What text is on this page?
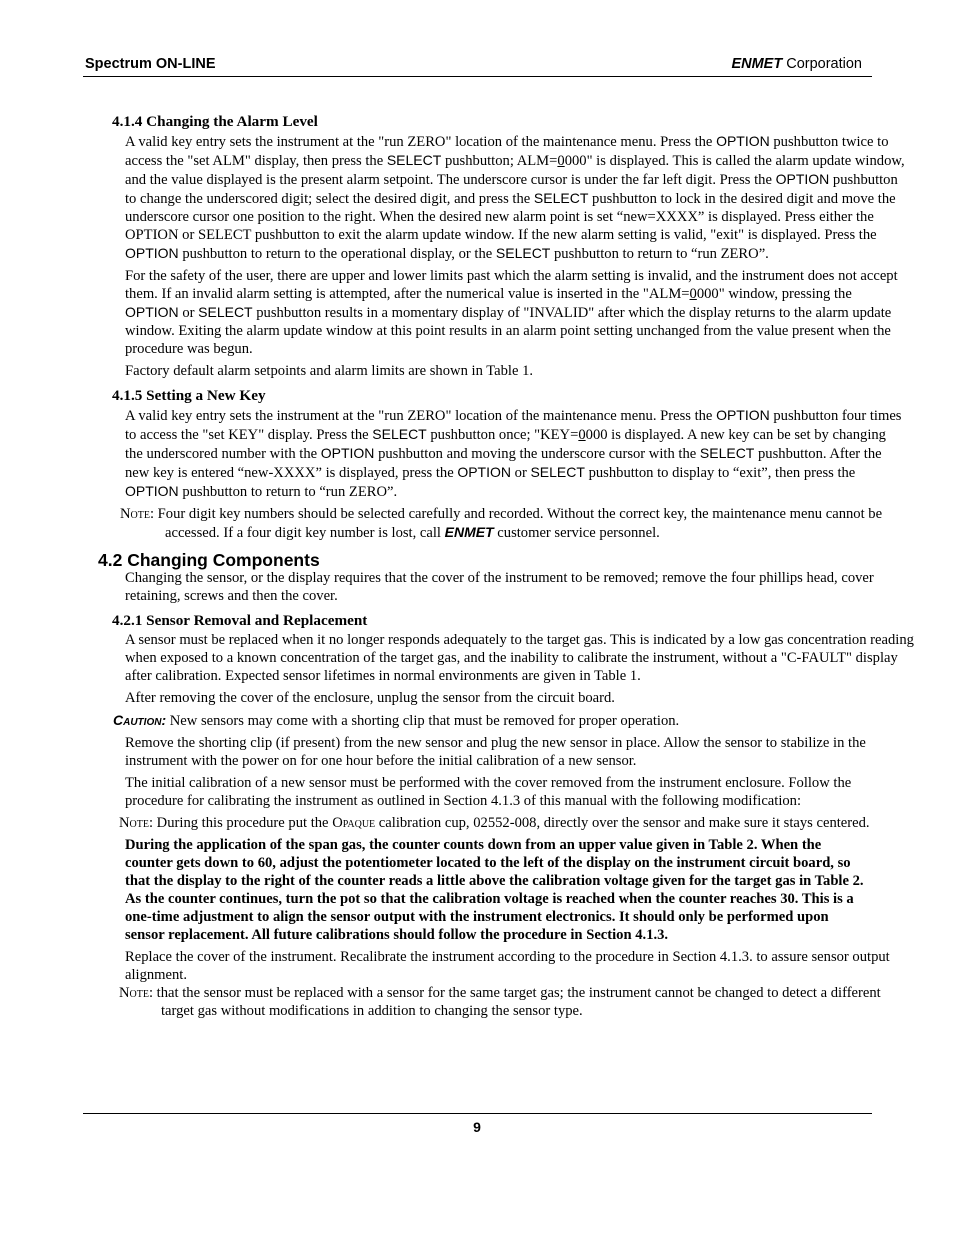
Spectrum ON-LINE	ENMET Corporation
4.1.4 Changing the Alarm Level
A valid key entry sets the instrument at the "run ZERO" location of the maintenance menu. Press the OPTION pushbutton twice to access the "set ALM" display, then press the SELECT pushbutton; ALM=0000" is displayed. This is called the alarm update window, and the value displayed is the present alarm setpoint. The underscore cursor is under the far left digit. Press the OPTION pushbutton to change the underscored digit; select the desired digit, and press the SELECT pushbutton to lock in the desired digit and move the underscore cursor one position to the right. When the desired new alarm point is set “new=XXXX” is displayed. Press either the OPTION or SELECT pushbutton to exit the alarm update window. If the new alarm setting is valid, "exit" is displayed. Press the OPTION pushbutton to return to the operational display, or the SELECT pushbutton to return to “run ZERO”.
For the safety of the user, there are upper and lower limits past which the alarm setting is invalid, and the instrument does not accept them. If an invalid alarm setting is attempted, after the numerical value is inserted in the "ALM=0000" window, pressing the OPTION or SELECT pushbutton results in a momentary display of "INVALID" after which the display returns to the alarm update window. Exiting the alarm update window at this point results in an alarm point setting unchanged from the value present when the procedure was begun.
Factory default alarm setpoints and alarm limits are shown in Table 1.
4.1.5 Setting a New Key
A valid key entry sets the instrument at the "run ZERO" location of the maintenance menu. Press the OPTION pushbutton four times to access the "set KEY" display. Press the SELECT pushbutton once; "KEY=0000 is displayed. A new key can be set by changing the underscored number with the OPTION pushbutton and moving the underscore cursor with the SELECT pushbutton. After the new key is entered “new-XXXX” is displayed, press the OPTION or SELECT pushbutton to display to “exit”, then press the OPTION pushbutton to return to “run ZERO”.
Note: Four digit key numbers should be selected carefully and recorded. Without the correct key, the maintenance menu cannot be accessed. If a four digit key number is lost, call ENMET customer service personnel.
4.2 Changing Components
Changing the sensor, or the display requires that the cover of the instrument to be removed; remove the four phillips head, cover retaining, screws and then the cover.
4.2.1 Sensor Removal and Replacement
A sensor must be replaced when it no longer responds adequately to the target gas. This is indicated by a low gas concentration reading when exposed to a known concentration of the target gas, and the inability to calibrate the instrument, without a "C-FAULT" display after calibration. Expected sensor lifetimes in normal environments are given in Table 1.
After removing the cover of the enclosure, unplug the sensor from the circuit board.
Caution: New sensors may come with a shorting clip that must be removed for proper operation.
Remove the shorting clip (if present) from the new sensor and plug the new sensor in place. Allow the sensor to stabilize in the instrument with the power on for one hour before the initial calibration of a new sensor.
The initial calibration of a new sensor must be performed with the cover removed from the instrument enclosure. Follow the procedure for calibrating the instrument as outlined in Section 4.1.3 of this manual with the following modification:
Note: During this procedure put the Opaque calibration cup, 02552-008, directly over the sensor and make sure it stays centered.
During the application of the span gas, the counter counts down from an upper value given in Table 2. When the counter gets down to 60, adjust the potentiometer located to the left of the display on the instrument circuit board, so that the display to the right of the counter reads a little above the calibration voltage given for the target gas in Table 2. As the counter continues, turn the pot so that the calibration voltage is reached when the counter reaches 30. This is a one-time adjustment to align the sensor output with the instrument electronics. It should only be performed upon sensor replacement. All future calibrations should follow the procedure in Section 4.1.3.
Replace the cover of the instrument. Recalibrate the instrument according to the procedure in Section 4.1.3. to assure sensor output alignment.
Note: that the sensor must be replaced with a sensor for the same target gas; the instrument cannot be changed to detect a different target gas without modifications in addition to changing the sensor type.
9
